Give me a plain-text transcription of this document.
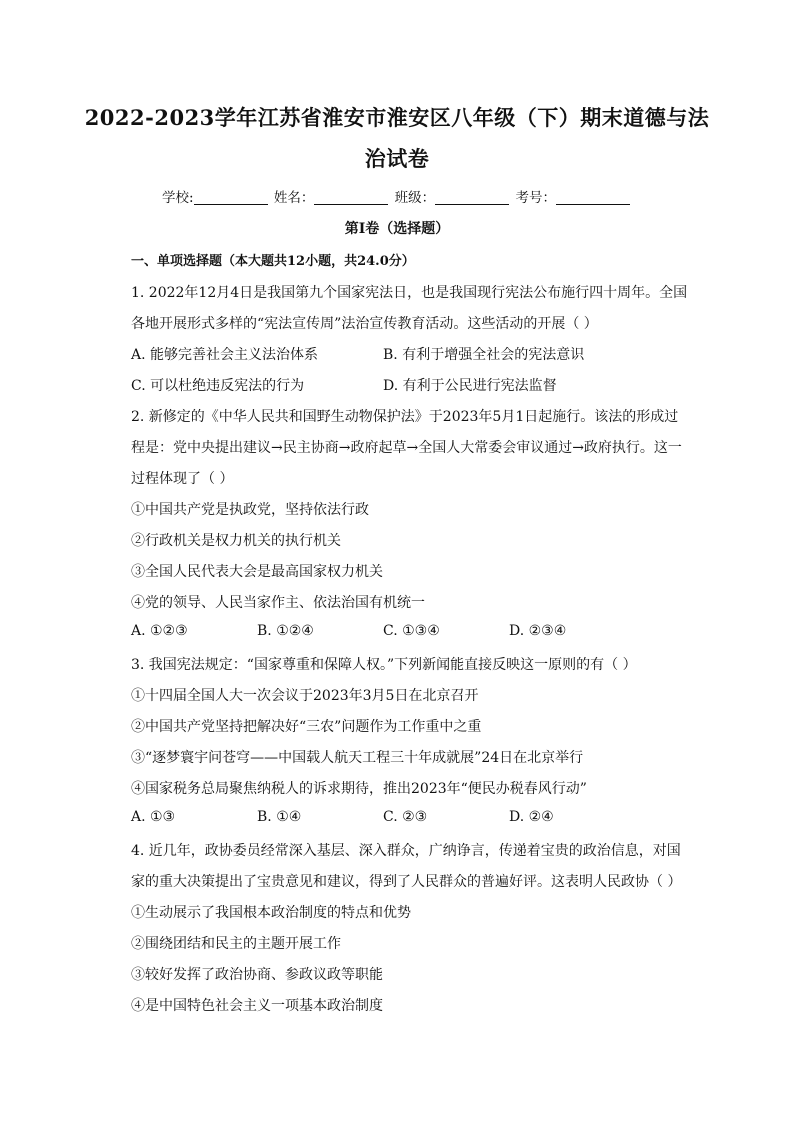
2022-2023学年江苏省淮安市淮安区八年级（下）期末道德与法
治试卷
学校:	姓名：	班级：	考号：
第Ⅰ卷（选择题）
一、单项选择题（本大题共12小题，共24.0分）
1. 2022年12月4日是我国第九个国家宪法日，也是我国现行宪法公布施行四十周年。全国
各地开展形式多样的“宪法宣传周”法治宣传教育活动。这些活动的开展（ ）
A. 能够完善社会主义法治体系	B. 有利于增强全社会的宪法意识
C. 可以杜绝违反宪法的行为	D. 有利于公民进行宪法监督
2. 新修定的《中华人民共和国野生动物保护法》于2023年5月1日起施行。该法的形成过
程是：党中央提出建议→民主协商→政府起草→全国人大常委会审议通过→政府执行。这一
过程体现了（ ）
①中国共产党是执政党，坚持依法行政
②行政机关是权力机关的执行机关
③全国人民代表大会是最高国家权力机关
④党的领导、人民当家作主、依法治国有机统一
A. ①②③	B. ①②④	C. ①③④	D. ②③④
3. 我国宪法规定：“国家尊重和保障人权。”下列新闻能直接反映这一原则的有（ ）
①十四届全国人大一次会议于2023年3月5日在北京召开
②中国共产党坚持把解决好“三农”问题作为工作重中之重
③“逐梦寰宇问苍穹——中国载人航天工程三十年成就展”24日在北京举行
④国家税务总局聚焦纳税人的诉求期待，推出2023年“便民办税春风行动”
A. ①③	B. ①④	C. ②③	D. ②④
4. 近几年，政协委员经常深入基层、深入群众，广纳诤言，传递着宝贵的政治信息，对国
家的重大决策提出了宝贵意见和建议，得到了人民群众的普遍好评。这表明人民政协（ ）
①生动展示了我国根本政治制度的特点和优势
②围绕团结和民主的主题开展工作
③较好发挥了政治协商、参政议政等职能
④是中国特色社会主义一项基本政治制度
